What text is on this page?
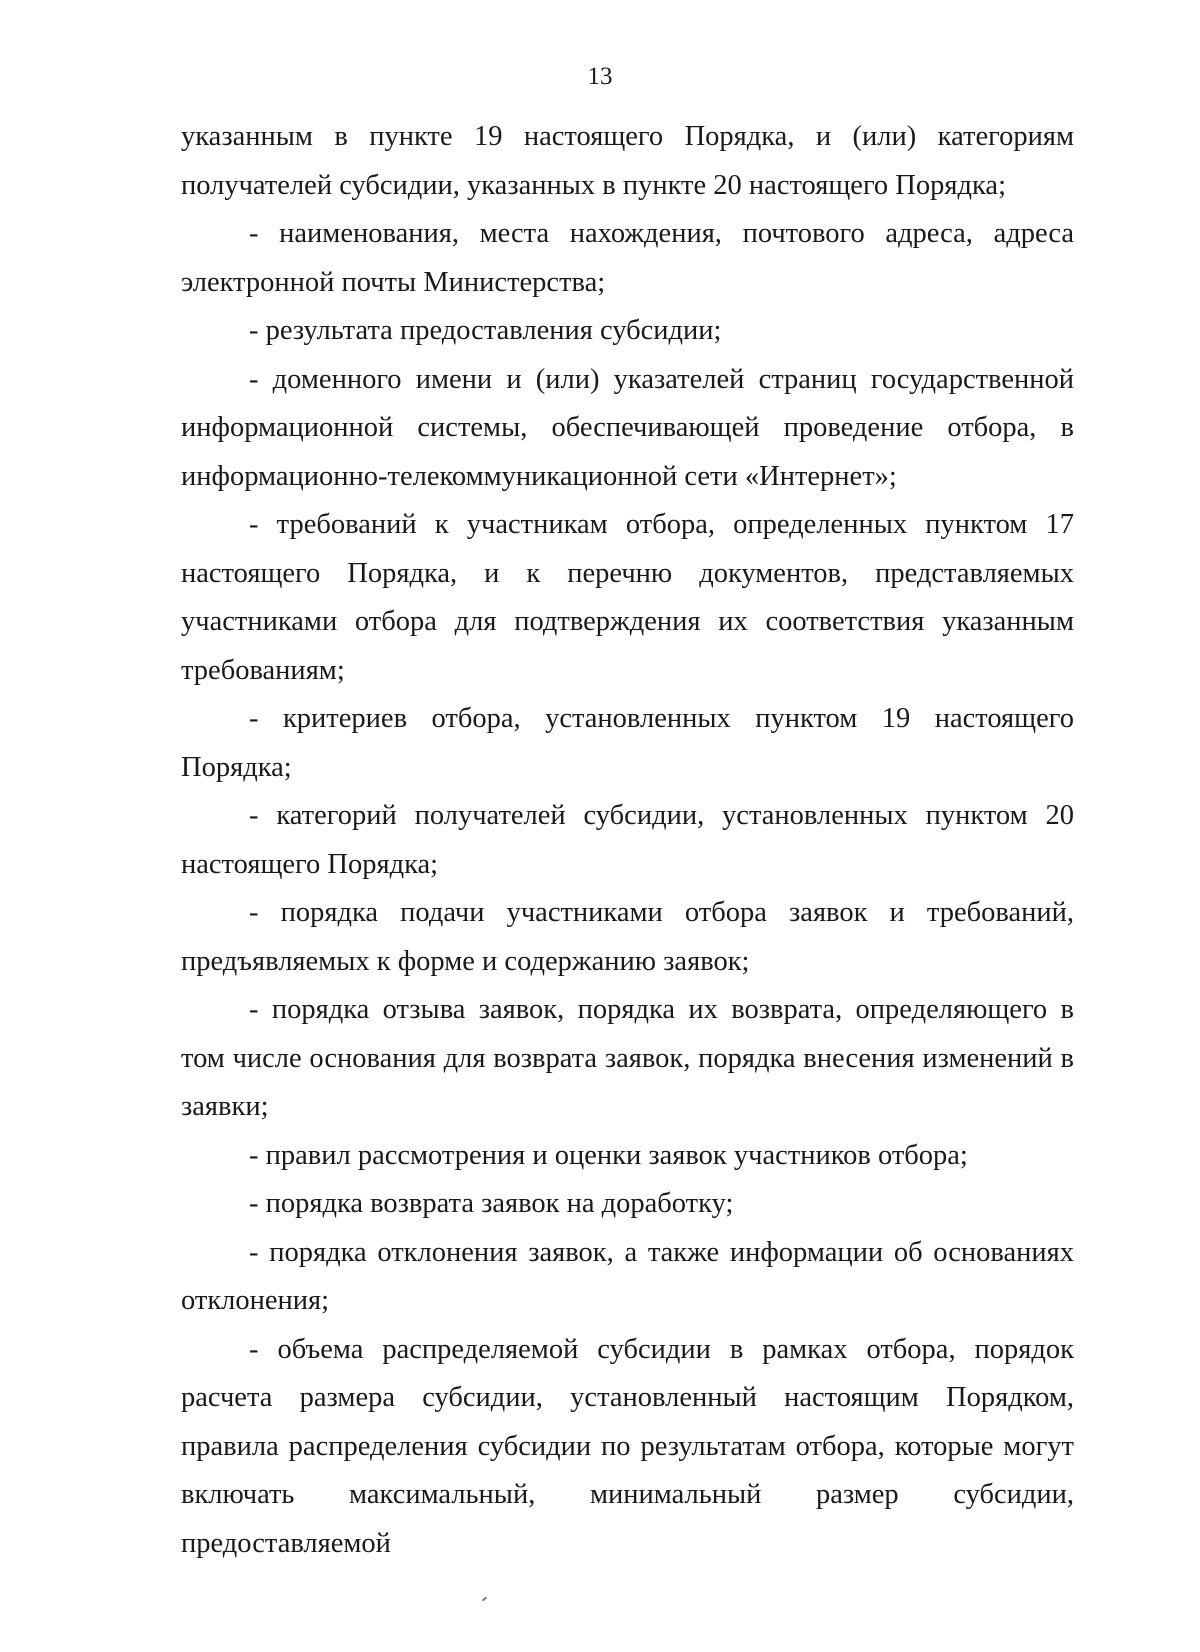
13

указанным в пункте 19 настоящего Порядка, и (или) категориям получателей субсидии, указанных в пункте 20 настоящего Порядка;

- наименования, места нахождения, почтового адреса, адреса электронной почты Министерства;

- результата предоставления субсидии;

- доменного имени и (или) указателей страниц государственной информационной системы, обеспечивающей проведение отбора, в информационно-телекоммуникационной сети «Интернет»;

- требований к участникам отбора, определенных пунктом 17 настоящего Порядка, и к перечню документов, представляемых участниками отбора для подтверждения их соответствия указанным требованиям;

- критериев отбора, установленных пунктом 19 настоящего Порядка;

- категорий получателей субсидии, установленных пунктом 20 настоящего Порядка;

- порядка подачи участниками отбора заявок и требований, предъявляемых к форме и содержанию заявок;

- порядка отзыва заявок, порядка их возврата, определяющего в том числе основания для возврата заявок, порядка внесения изменений в заявки;

- правил рассмотрения и оценки заявок участников отбора;

- порядка возврата заявок на доработку;

- порядка отклонения заявок, а также информации об основаниях отклонения;

- объема распределяемой субсидии в рамках отбора, порядок расчета размера субсидии, установленный настоящим Порядком, правила распределения субсидии по результатам отбора, которые могут включать максимальный, минимальный размер субсидии, предоставляемой
